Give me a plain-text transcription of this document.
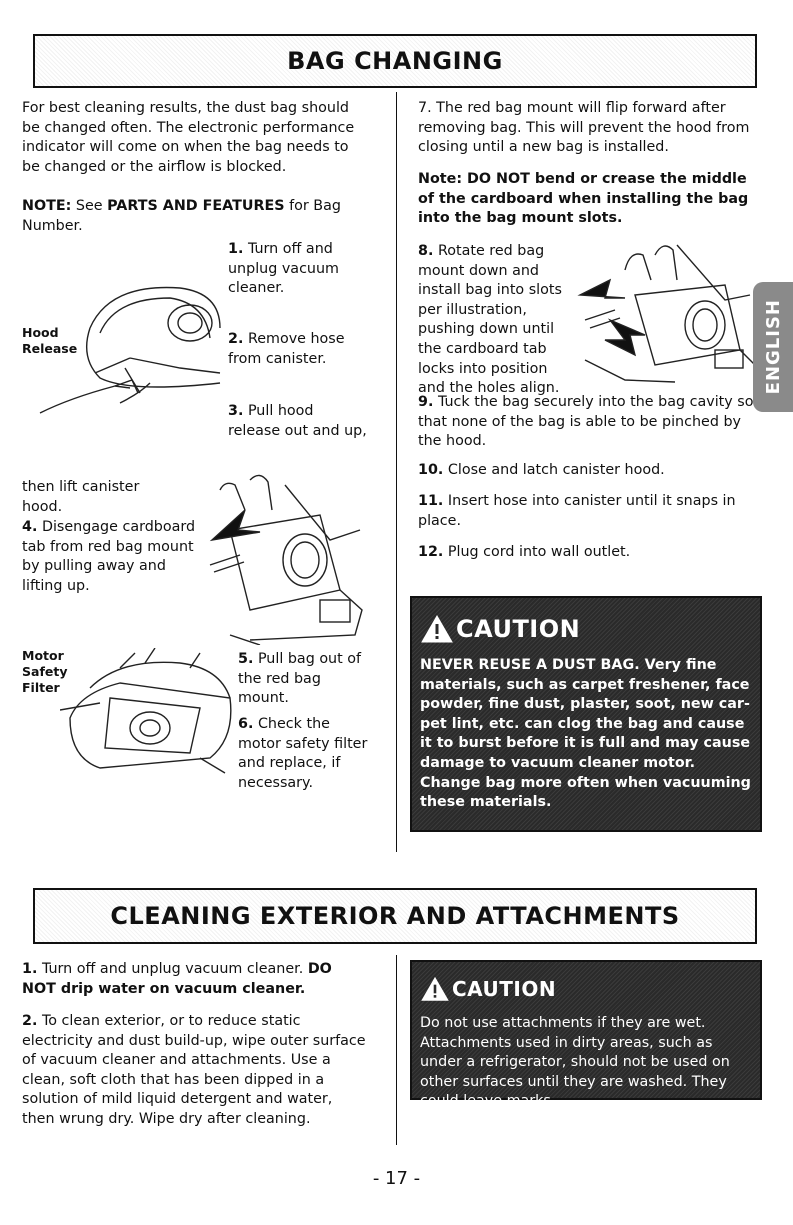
BAG CHANGING

For best cleaning results, the dust bag should be changed often. The electronic performance indicator will come on when the bag needs to be changed or the airflow is blocked.

NOTE: See PARTS AND FEATURES for Bag Number.

Hood
Release

1. Turn off and unplug vacuum cleaner.

2. Remove hose from canister.

3. Pull hood release out and up,

then lift canister hood.

4. Disengage cardboard tab from red bag mount by pulling away and lifting up.

Motor
Safety
Filter

5. Pull bag out of the red bag mount.

6. Check the motor safety filter and replace, if necessary.

7. The red bag mount will flip forward after removing bag. This will prevent the hood from closing until a new bag is installed.

Note: DO NOT bend or crease the middle of the cardboard when installing the bag into the bag mount slots.

8. Rotate red bag mount down and install bag into slots per illustration, pushing down until the cardboard tab locks into position and the holes align.	ENGLISH

9. Tuck the bag securely into the bag cavity so that none of the bag is able to be pinched by the hood.

10. Close and latch canister hood.

11. Insert hose into canister until it snaps in place.

12. Plug cord into wall outlet.

CAUTION
NEVER REUSE A DUST BAG. Very fine materials, such as carpet freshener, face powder, fine dust, plaster, soot, new carpet lint, etc. can clog the bag and cause it to burst before it is full and may cause damage to vacuum cleaner motor. Change bag more often when vacuuming these materials.
CLEANING EXTERIOR AND ATTACHMENTS

1. Turn off and unplug vacuum cleaner. DO NOT drip water on vacuum cleaner.

2. To clean exterior, or to reduce static electricity and dust build-up, wipe outer surface of vacuum cleaner and attachments. Use a clean, soft cloth that has been dipped in a solution of mild liquid detergent and water, then wrung dry. Wipe dry after cleaning.

CAUTION
Do not use attachments if they are wet. Attachments used in dirty areas, such as under a refrigerator, should not be used on other surfaces until they are washed. They could leave marks.
- 17 -
